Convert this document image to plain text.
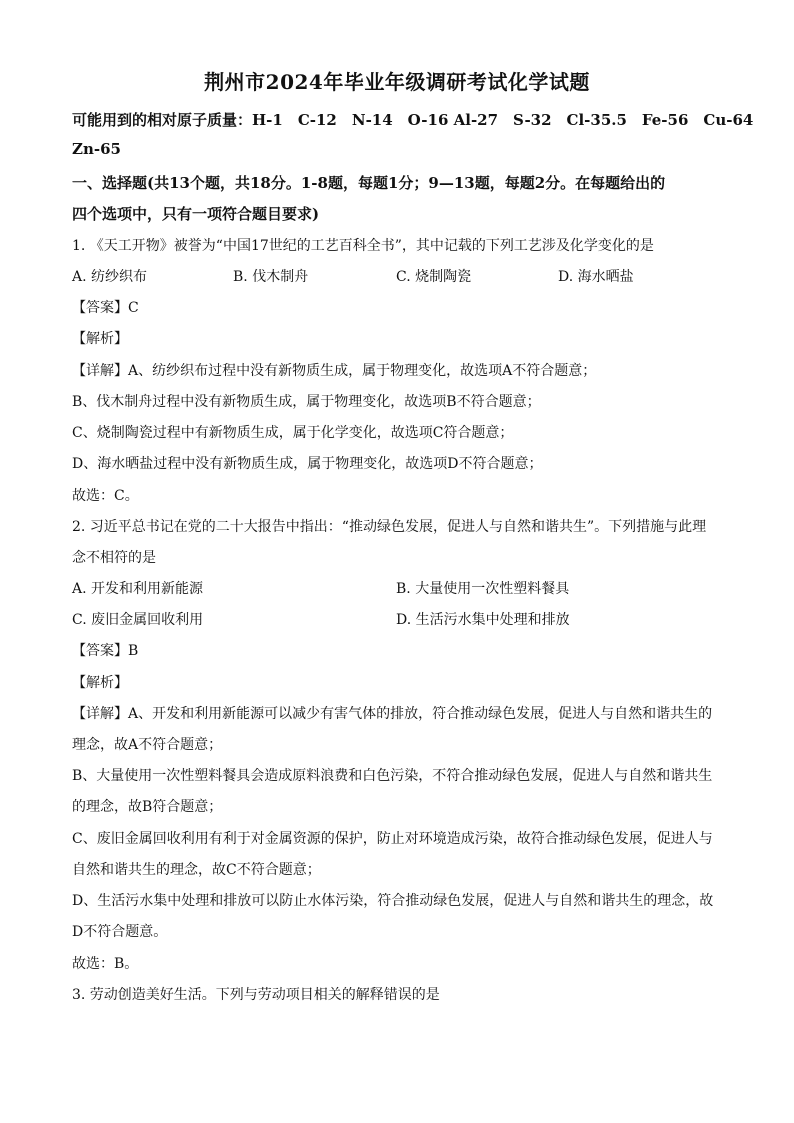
荆州市2024年毕业年级调研考试化学试题
可能用到的相对原子质量：H-1　C-12　N-14　O-16 Al-27　S-32　Cl-35.5　Fe-56　Cu-64
Zn-65
一、选择题(共13个题，共18分。1-8题，每题1分；9—13题，每题2分。在每题给出的
四个选项中，只有一项符合题目要求)
1. 《天工开物》被誉为“中国17世纪的工艺百科全书”，其中记载的下列工艺涉及化学变化的是
A. 纺纱织布	B. 伐木制舟	C. 烧制陶瓷	D. 海水晒盐
【答案】C
【解析】
【详解】A、纺纱织布过程中没有新物质生成，属于物理变化，故选项A不符合题意；
B、伐木制舟过程中没有新物质生成，属于物理变化，故选项B不符合题意；
C、烧制陶瓷过程中有新物质生成，属于化学变化，故选项C符合题意；
D、海水晒盐过程中没有新物质生成，属于物理变化，故选项D不符合题意；
故选：C。
2. 习近平总书记在党的二十大报告中指出：“推动绿色发展，促进人与自然和谐共生”。下列措施与此理
念不相符的是
A. 开发和利用新能源	B. 大量使用一次性塑料餐具
C. 废旧金属回收利用	D. 生活污水集中处理和排放
【答案】B
【解析】
【详解】A、开发和利用新能源可以减少有害气体的排放，符合推动绿色发展，促进人与自然和谐共生的
理念，故A不符合题意；
B、大量使用一次性塑料餐具会造成原料浪费和白色污染，不符合推动绿色发展，促进人与自然和谐共生
的理念，故B符合题意；
C、废旧金属回收利用有利于对金属资源的保护，防止对环境造成污染，故符合推动绿色发展，促进人与
自然和谐共生的理念，故C不符合题意；
D、生活污水集中处理和排放可以防止水体污染，符合推动绿色发展，促进人与自然和谐共生的理念，故
D不符合题意。
故选：B。
3. 劳动创造美好生活。下列与劳动项目相关的解释错误的是
